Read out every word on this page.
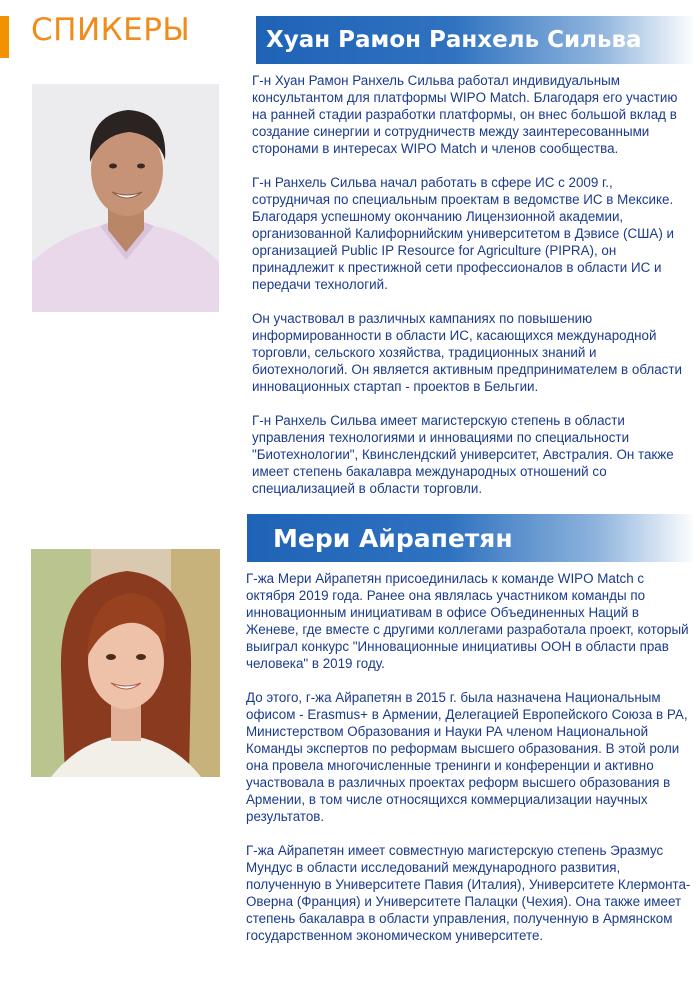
СПИКЕРЫ	Хуан Рамон Ранхель Сильва

Г-н Хуан Рамон Ранхель Сильва работал индивидуальным консультантом для платформы WIPO Match. Благодаря его участию на ранней стадии разработки платформы, он внес большой вклад в создание синергии и сотрудничеств между заинтересованными сторонами в интересах WIPO Match и членов сообщества.

Г-н Ранхель Сильва начал работать в сфере ИС с 2009 г., сотрудничая по специальным проектам в ведомстве ИС в Мексике. Благодаря успешному окончанию Лицензионной академии, организованной Калифорнийским университетом в Дэвисе (США) и организацией Public IP Resource for Agriculture (PIPRA), он принадлежит к престижной сети профессионалов в области ИС и передачи технологий.

Он участвовал в различных кампаниях по повышению информированности в области ИС, касающихся международной торговли, сельского хозяйства, традиционных знаний и биотехнологий. Он является активным предпринимателем в области инновационных стартап - проектов в Бельгии.

Г-н Ранхель Сильва имеет магистерскую степень в области управления технологиями и инновациями по специальности "Биотехнологии", Квинслендский университет, Австралия. Он также имеет степень бакалавра международных отношений со специализацией в области торговли.

Мери Айрапетян

Г-жа Мери Айрапетян присоединилась к команде WIPO Match с октября 2019 года. Ранее она являлась участником команды по инновационным инициативам в офисе Объединенных Наций в Женеве, где вместе с другими коллегами разработала проект, который выиграл конкурс "Инновационные инициативы ООН в области прав человека" в 2019 году.

До этого, г-жа Айрапетян в 2015 г. была назначена Национальным офисом - Erasmus+ в Армении, Делегацией Европейского Союза в РА, Министерством Образования и Науки РА членом Национальной Команды экспертов по реформам высшего образования. В этой роли она провела многочисленные тренинги и конференции и активно участвовала в различных проектах реформ высшего образования в Армении, в том числе относящихся коммерциализации научных результатов.

Г-жа Айрапетян имеет совместную магистерскую степень Эразмус Мундус в области исследований международного развития, полученную в Университете Павия (Италия), Университете Клермонта-Оверна (Франция) и Университете Палацки (Чехия). Она также имеет степень бакалавра в области управления, полученную в Армянском государственном экономическом университете.
